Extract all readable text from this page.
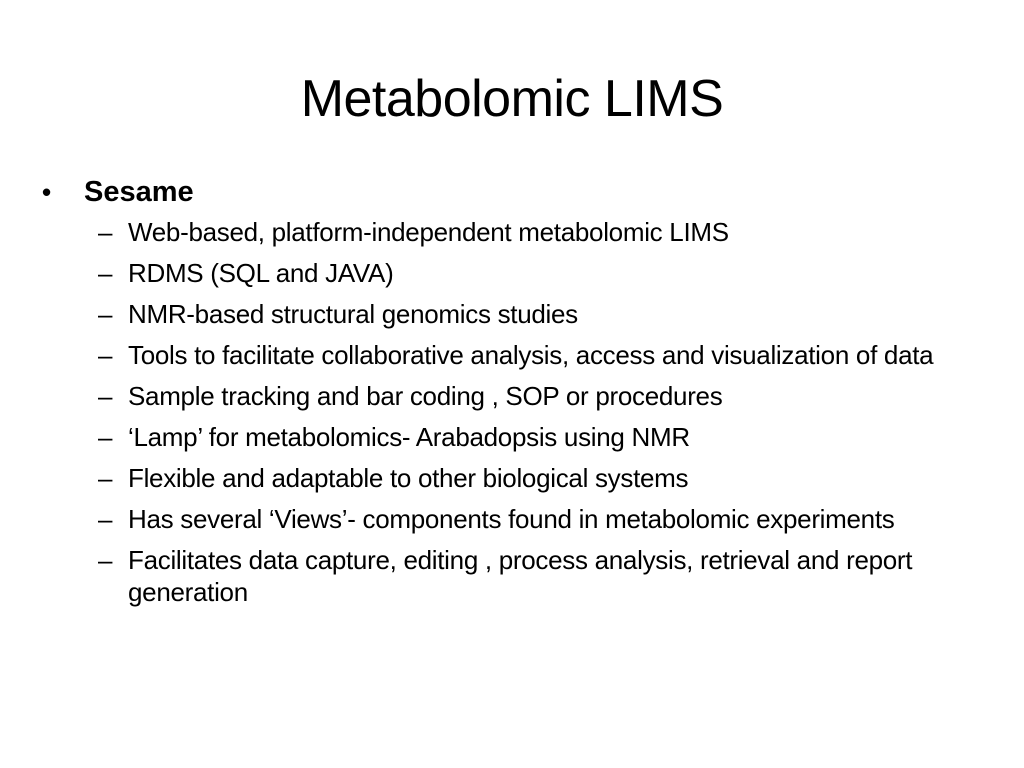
Metabolomic LIMS
•	Sesame
– Web-based, platform-independent metabolomic LIMS
– RDMS (SQL and JAVA)
– NMR-based structural genomics studies
– Tools to facilitate collaborative analysis, access and visualization of data
– Sample tracking and bar coding , SOP or procedures
– ‘Lamp’ for metabolomics- Arabadopsis using NMR
– Flexible and adaptable to other biological systems
– Has several ‘Views’- components found in metabolomic experiments
– Facilitates data capture, editing , process analysis, retrieval and report generation
